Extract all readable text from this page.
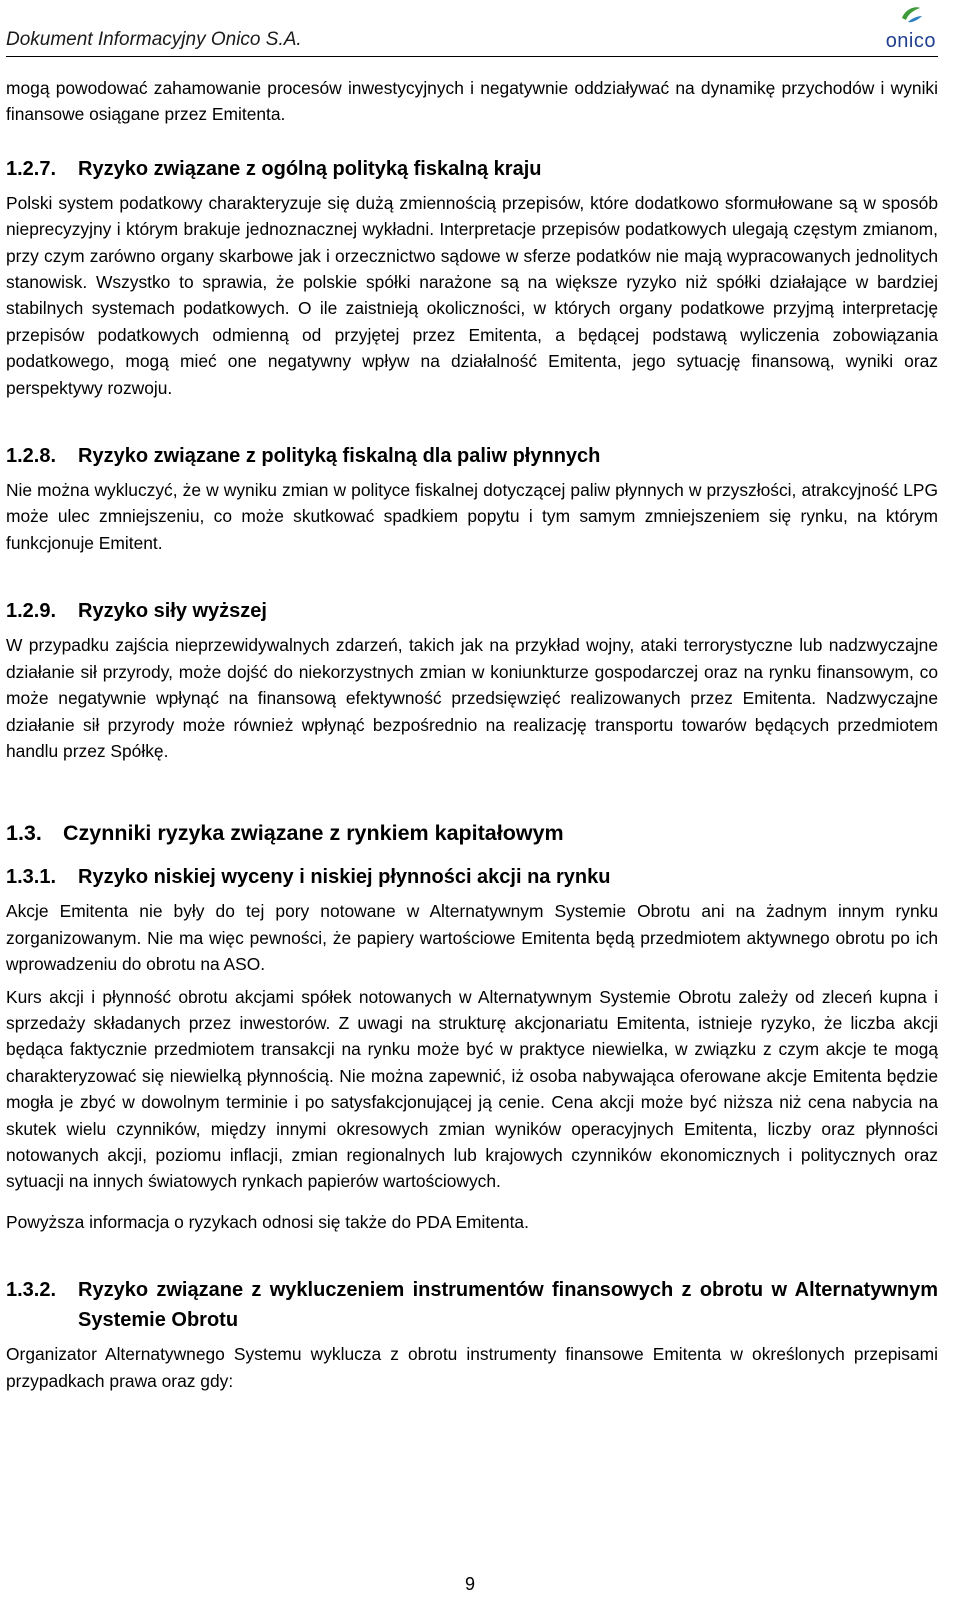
Dokument Informacyjny Onico S.A.	onico

mogą powodować zahamowanie procesów inwestycyjnych i negatywnie oddziaływać na dynamikę przychodów i wyniki finansowe osiągane przez Emitenta.

1.2.7.	Ryzyko związane z ogólną polityką fiskalną kraju

Polski system podatkowy charakteryzuje się dużą zmiennością przepisów, które dodatkowo sformułowane są w sposób nieprecyzyjny i którym brakuje jednoznacznej wykładni. Interpretacje przepisów podatkowych ulegają częstym zmianom, przy czym zarówno organy skarbowe jak i orzecznictwo sądowe w sferze podatków nie mają wypracowanych jednolitych stanowisk. Wszystko to sprawia, że polskie spółki narażone są na większe ryzyko niż spółki działające w bardziej stabilnych systemach podatkowych. O ile zaistnieją okoliczności, w których organy podatkowe przyjmą interpretację przepisów podatkowych odmienną od przyjętej przez Emitenta, a będącej podstawą wyliczenia zobowiązania podatkowego, mogą mieć one negatywny wpływ na działalność Emitenta, jego sytuację finansową, wyniki oraz perspektywy rozwoju.

1.2.8.	Ryzyko związane z polityką fiskalną dla paliw płynnych

Nie można wykluczyć, że w wyniku zmian w polityce fiskalnej dotyczącej paliw płynnych w przyszłości, atrakcyjność LPG może ulec zmniejszeniu, co może skutkować spadkiem popytu i tym samym zmniejszeniem się rynku, na którym funkcjonuje Emitent.

1.2.9.	Ryzyko siły wyższej

W przypadku zajścia nieprzewidywalnych zdarzeń, takich jak na przykład wojny, ataki terrorystyczne lub nadzwyczajne działanie sił przyrody, może dojść do niekorzystnych zmian w koniunkturze gospodarczej oraz na rynku finansowym, co może negatywnie wpłynąć na finansową efektywność przedsięwzięć realizowanych przez Emitenta. Nadzwyczajne działanie sił przyrody może również wpłynąć bezpośrednio na realizację transportu towarów będących przedmiotem handlu przez Spółkę.

1.3. Czynniki ryzyka związane z rynkiem kapitałowym
1.3.1.	Ryzyko niskiej wyceny i niskiej płynności akcji na rynku

Akcje Emitenta nie były do tej pory notowane w Alternatywnym Systemie Obrotu ani na żadnym innym rynku zorganizowanym. Nie ma więc pewności, że papiery wartościowe Emitenta będą przedmiotem aktywnego obrotu po ich wprowadzeniu do obrotu na ASO.

Kurs akcji i płynność obrotu akcjami spółek notowanych w Alternatywnym Systemie Obrotu zależy od zleceń kupna i sprzedaży składanych przez inwestorów. Z uwagi na strukturę akcjonariatu Emitenta, istnieje ryzyko, że liczba akcji będąca faktycznie przedmiotem transakcji na rynku może być w praktyce niewielka, w związku z czym akcje te mogą charakteryzować się niewielką płynnością. Nie można zapewnić, iż osoba nabywająca oferowane akcje Emitenta będzie mogła je zbyć w dowolnym terminie i po satysfakcjonującej ją cenie. Cena akcji może być niższa niż cena nabycia na skutek wielu czynników, między innymi okresowych zmian wyników operacyjnych Emitenta, liczby oraz płynności notowanych akcji, poziomu inflacji, zmian regionalnych lub krajowych czynników ekonomicznych i politycznych oraz sytuacji na innych światowych rynkach papierów wartościowych.

Powyższa informacja o ryzykach odnosi się także do PDA Emitenta.

1.3.2.	Ryzyko związane z wykluczeniem instrumentów finansowych z obrotu w Alternatywnym Systemie Obrotu

Organizator Alternatywnego Systemu wyklucza z obrotu instrumenty finansowe Emitenta w określonych przepisami przypadkach prawa oraz gdy:

9
